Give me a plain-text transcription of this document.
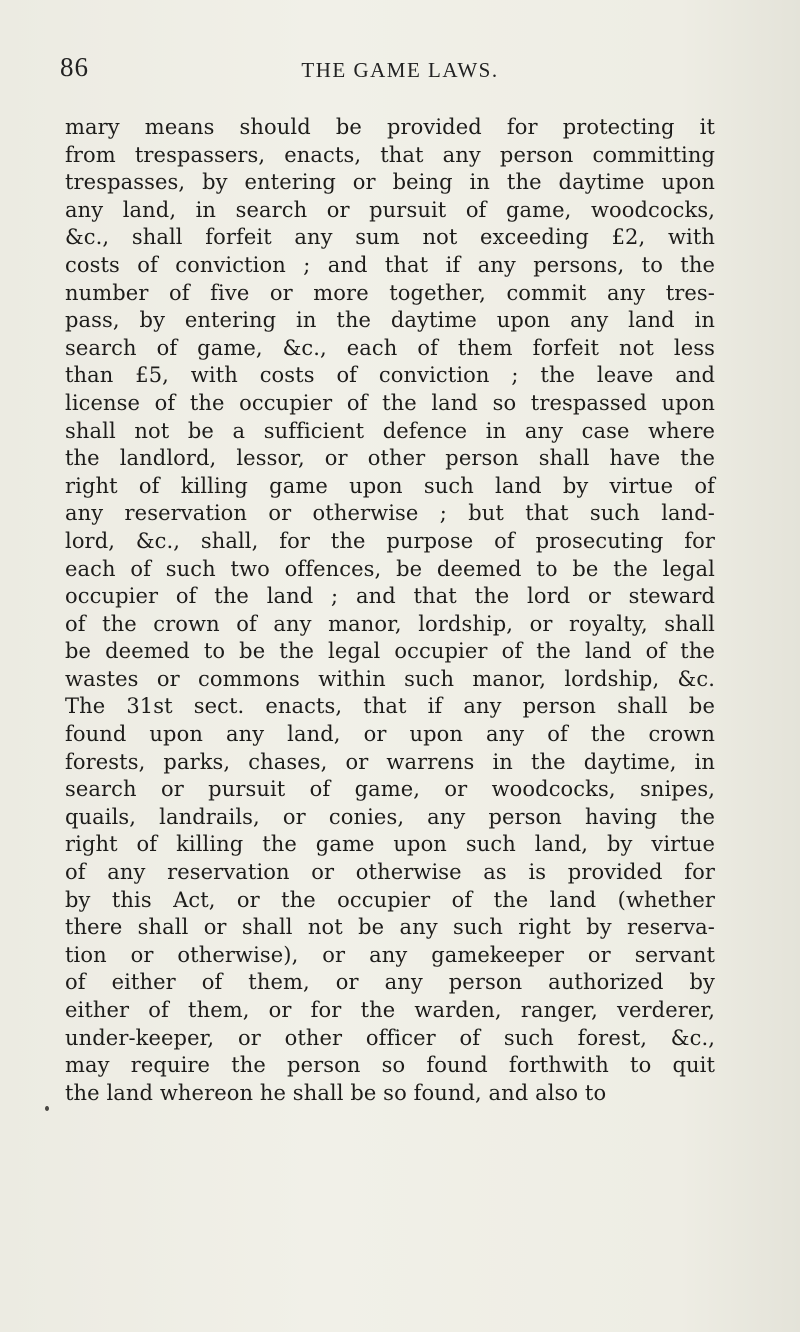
86	THE GAME LAWS.
mary means should be provided for protecting it
from trespassers, enacts, that any person committing
trespasses, by entering or being in the daytime upon
any land, in search or pursuit of game, woodcocks,
&c., shall forfeit any sum not exceeding £2, with
costs of conviction ; and that if any persons, to the
number of five or more together, commit any tres-
pass, by entering in the daytime upon any land in
search of game, &c., each of them forfeit not less
than £5, with costs of conviction ; the leave and
license of the occupier of the land so trespassed upon
shall not be a sufficient defence in any case where
the landlord, lessor, or other person shall have the
right of killing game upon such land by virtue of
any reservation or otherwise ; but that such land-
lord, &c., shall, for the purpose of prosecuting for
each of such two offences, be deemed to be the legal
occupier of the land ; and that the lord or steward
of the crown of any manor, lordship, or royalty, shall
be deemed to be the legal occupier of the land of the
wastes or commons within such manor, lordship, &c.
The 31st sect. enacts, that if any person shall be
found upon any land, or upon any of the crown
forests, parks, chases, or warrens in the daytime, in
search or pursuit of game, or woodcocks, snipes,
quails, landrails, or conies, any person having the
right of killing the game upon such land, by virtue
of any reservation or otherwise as is provided for
by this Act, or the occupier of the land (whether
there shall or shall not be any such right by reserva-
tion or otherwise), or any gamekeeper or servant
of either of them, or any person authorized by
either of them, or for the warden, ranger, verderer,
under-keeper, or other officer of such forest, &c.,
may require the person so found forthwith to quit
the land whereon he shall be so found, and also to
